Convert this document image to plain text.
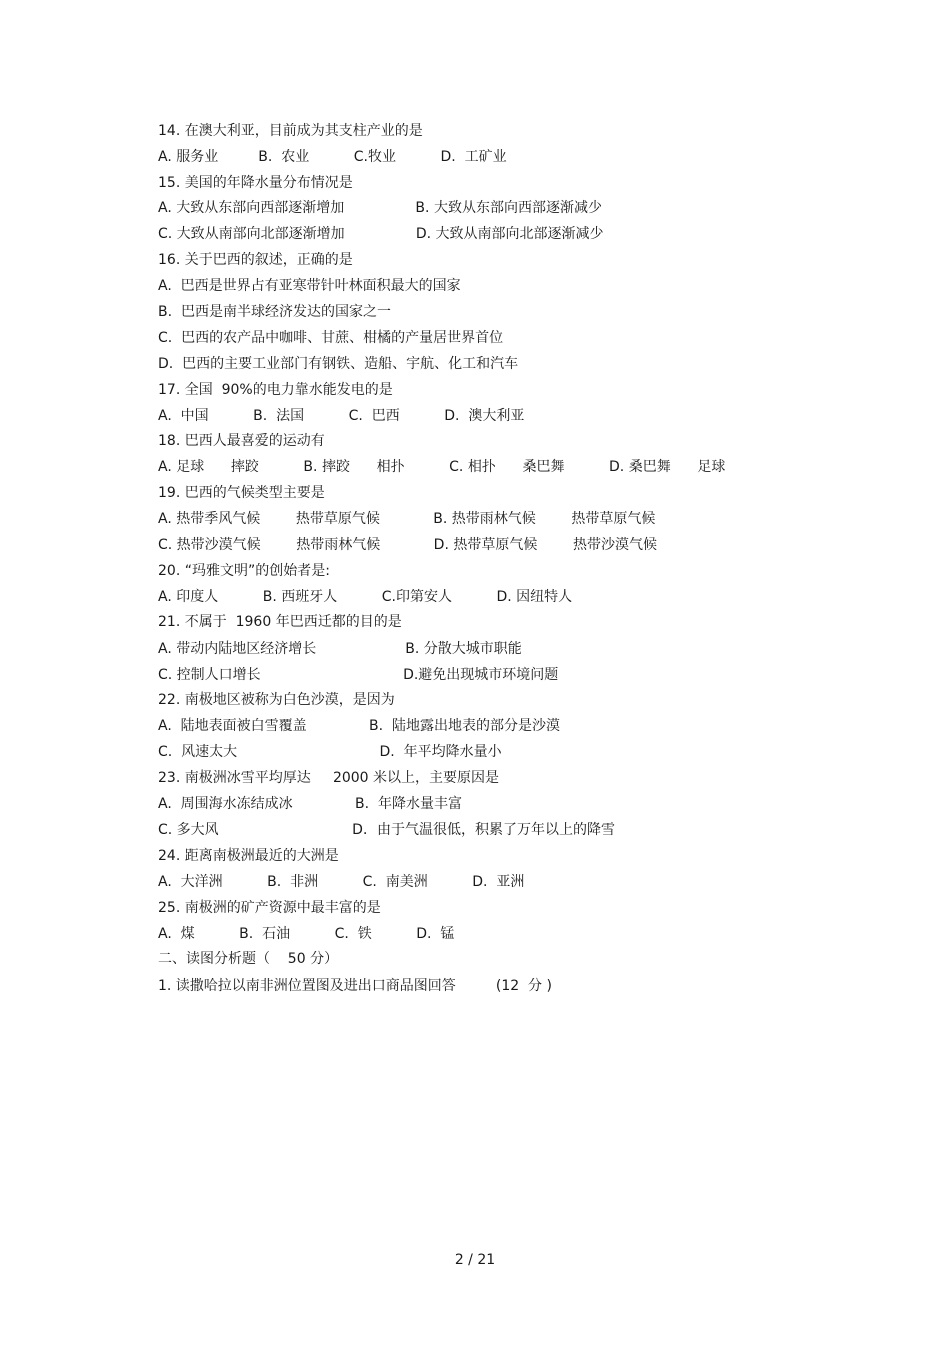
14. 在澳大利亚，目前成为其支柱产业的是
A. 服务业         B.  农业          C.牧业          D.  工矿业
15. 美国的年降水量分布情况是
A. 大致从东部向西部逐渐增加                B. 大致从东部向西部逐渐减少
C. 大致从南部向北部逐渐增加                D. 大致从南部向北部逐渐减少
16. 关于巴西的叙述，正确的是
A.  巴西是世界占有亚寒带针叶林面积最大的国家
B.  巴西是南半球经济发达的国家之一
C.  巴西的农产品中咖啡、甘蔗、柑橘的产量居世界首位
D.  巴西的主要工业部门有钢铁、造船、宇航、化工和汽车
17. 全国  90%的电力靠水能发电的是
A.  中国          B.  法国          C.  巴西          D.  澳大利亚
18. 巴西人最喜爱的运动有
A. 足球      摔跤          B. 摔跤      相扑          C. 相扑      桑巴舞          D. 桑巴舞      足球
19. 巴西的气候类型主要是
A. 热带季风气候        热带草原气候            B. 热带雨林气候        热带草原气候
C. 热带沙漠气候        热带雨林气候            D. 热带草原气候        热带沙漠气候
20. “玛雅文明”的创始者是:
A. 印度人          B. 西班牙人          C.印第安人          D. 因纽特人
21. 不属于  1960 年巴西迁都的目的是
A. 带动内陆地区经济增长                    B. 分散大城市职能
C. 控制人口增长                                D.避免出现城市环境问题
22. 南极地区被称为白色沙漠，是因为
A.  陆地表面被白雪覆盖              B.  陆地露出地表的部分是沙漠
C.  风速太大                                D.  年平均降水量小
23. 南极洲冰雪平均厚达     2000 米以上，主要原因是
A.  周围海水冻结成冰              B.  年降水量丰富
C. 多大风                              D．由于气温很低，积累了万年以上的降雪
24. 距离南极洲最近的大洲是
A.  大洋洲          B.  非洲          C.  南美洲          D.  亚洲
25. 南极洲的矿产资源中最丰富的是
A.  煤          B.  石油          C.  铁          D.  锰
二、读图分析题（    50 分）
1. 读撒哈拉以南非洲位置图及进出口商品图回答         (12  分 )
2 / 21
